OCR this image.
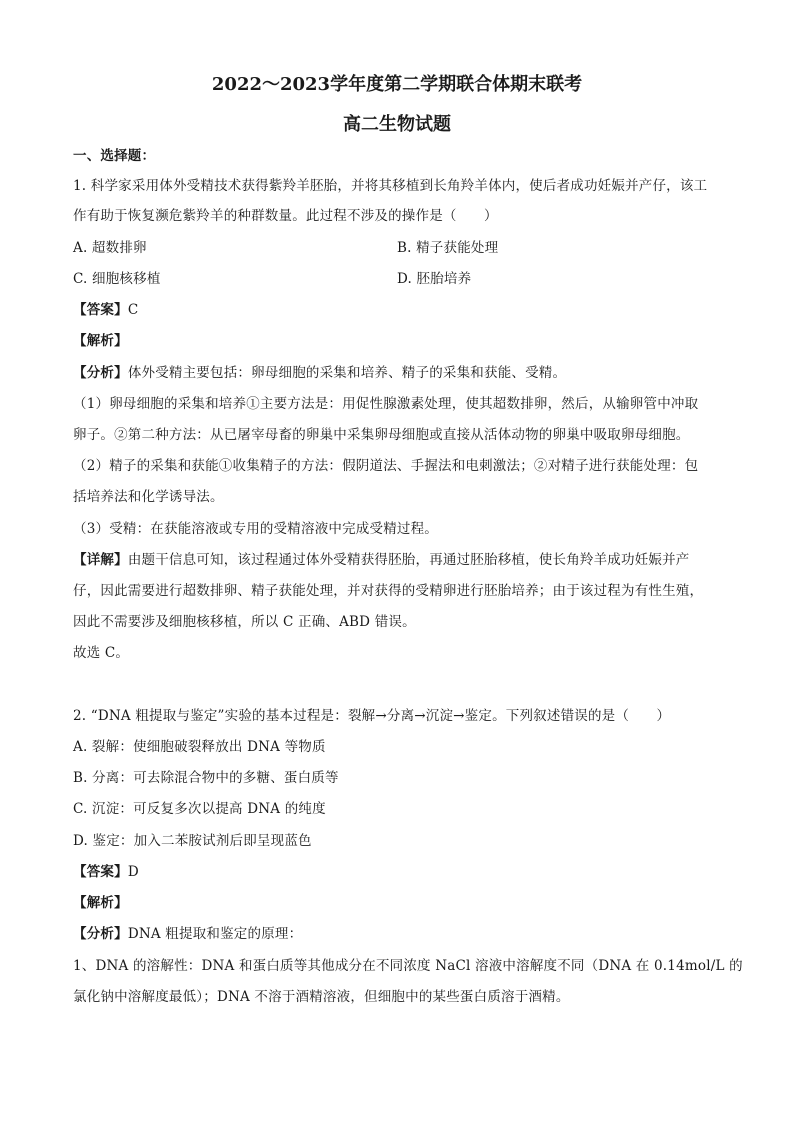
2022～2023学年度第二学期联合体期末联考
高二生物试题
一、选择题：
1. 科学家采用体外受精技术获得紫羚羊胚胎，并将其移植到长角羚羊体内，使后者成功妊娠并产仔，该工
作有助于恢复濒危紫羚羊的种群数量。此过程不涉及的操作是（　　）
A. 超数排卵	B. 精子获能处理
C. 细胞核移植	D. 胚胎培养
【答案】C
【解析】
【分析】体外受精主要包括：卵母细胞的采集和培养、精子的采集和获能、受精。
（1）卵母细胞的采集和培养①主要方法是：用促性腺激素处理，使其超数排卵，然后，从输卵管中冲取
卵子。②第二种方法：从已屠宰母畜的卵巢中采集卵母细胞或直接从活体动物的卵巢中吸取卵母细胞。
（2）精子的采集和获能①收集精子的方法：假阴道法、手握法和电刺激法；②对精子进行获能处理：包
括培养法和化学诱导法。
（3）受精：在获能溶液或专用的受精溶液中完成受精过程。
【详解】由题干信息可知，该过程通过体外受精获得胚胎，再通过胚胎移植，使长角羚羊成功妊娠并产
仔，因此需要进行超数排卵、精子获能处理，并对获得的受精卵进行胚胎培养；由于该过程为有性生殖，
因此不需要涉及细胞核移植，所以 C 正确、ABD 错误。
故选 C。
2. “DNA 粗提取与鉴定”实验的基本过程是：裂解→分离→沉淀→鉴定。下列叙述错误的是（　　）
A. 裂解：使细胞破裂释放出 DNA 等物质
B. 分离：可去除混合物中的多糖、蛋白质等
C. 沉淀：可反复多次以提高 DNA 的纯度
D. 鉴定：加入二苯胺试剂后即呈现蓝色
【答案】D
【解析】
【分析】DNA 粗提取和鉴定的原理：
1、DNA 的溶解性：DNA 和蛋白质等其他成分在不同浓度 NaCl 溶液中溶解度不同（DNA 在 0.14mol/L 的
氯化钠中溶解度最低）；DNA 不溶于酒精溶液，但细胞中的某些蛋白质溶于酒精。
